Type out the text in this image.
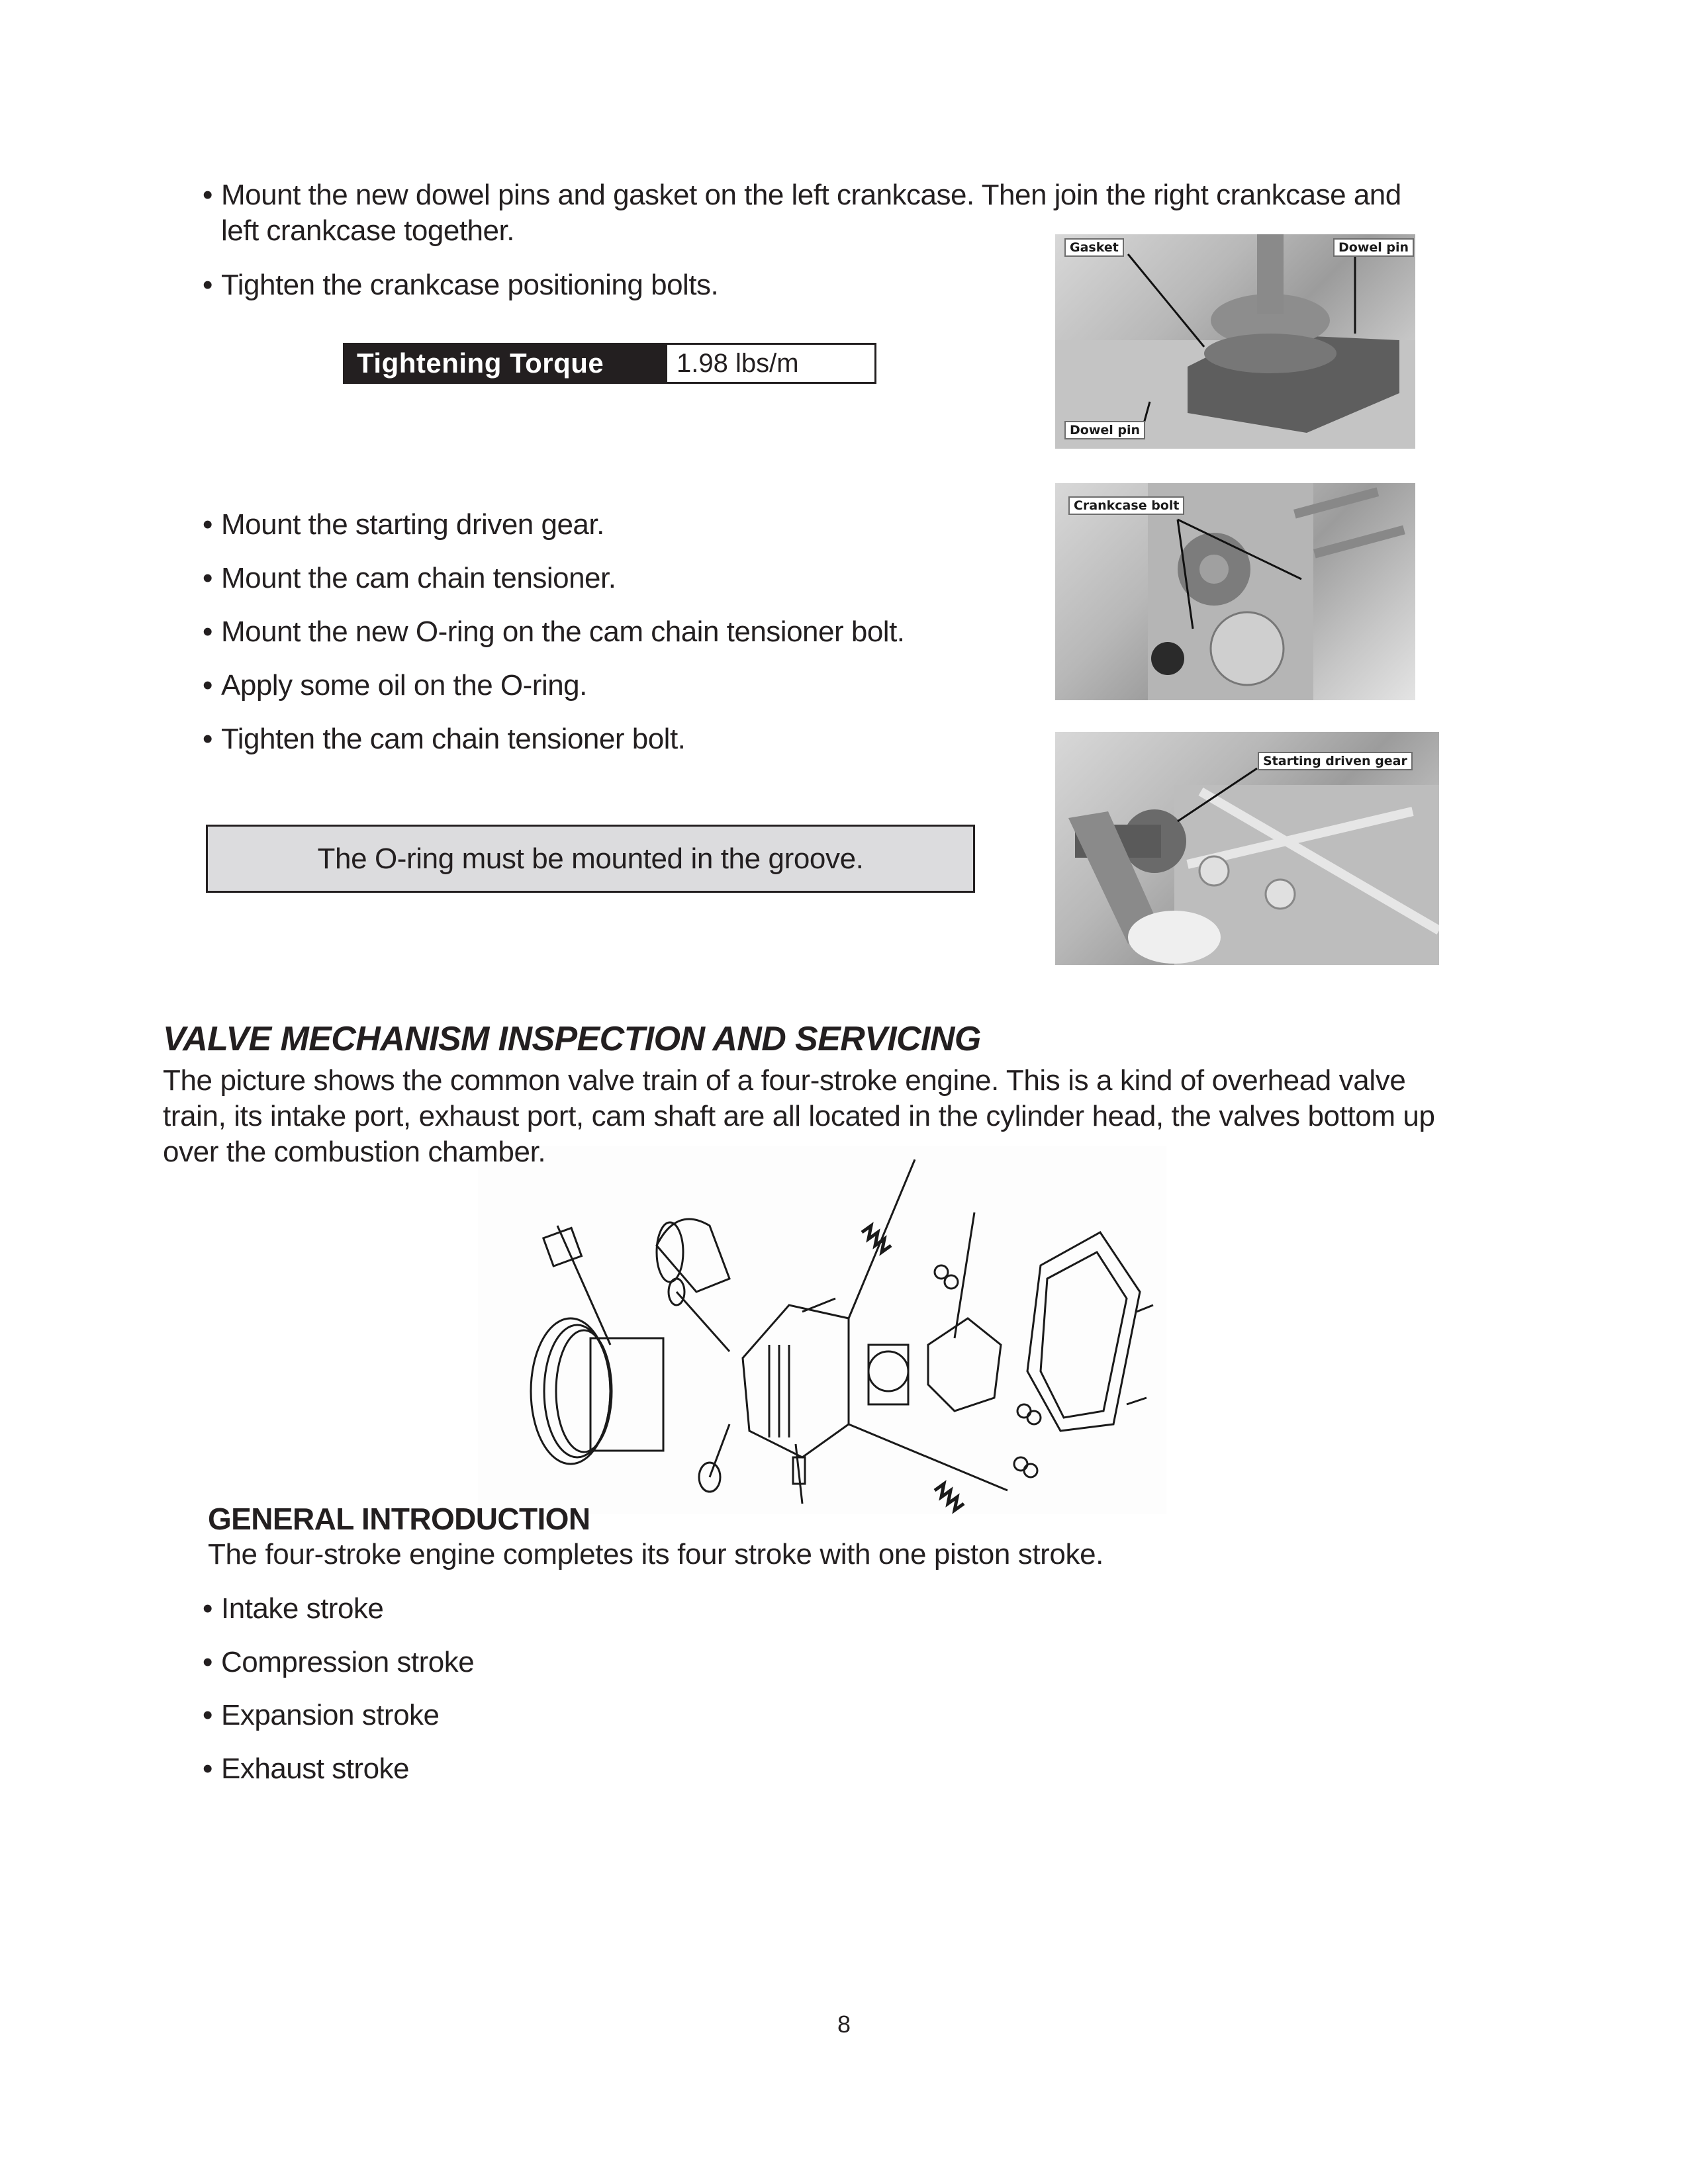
• Mount the new dowel pins and gasket on the left crankcase. Then join the right crankcase and
left crankcase together.
• Tighten the crankcase positioning bolts.
Tightening Torque	1.98 lbs/m
• Mount the starting driven gear.
• Mount the cam chain tensioner.
• Mount the new O-ring on the cam chain tensioner bolt.
• Apply some oil on the O-ring.
• Tighten the cam chain tensioner bolt.
The O-ring must be mounted in the groove.
Gasket	Dowel pin
Dowel pin
Crankcase bolt
Starting driven gear
VALVE MECHANISM INSPECTION AND SERVICING
The picture shows the common valve train of a four-stroke engine. This is a kind of overhead valve
train, its intake port, exhaust port, cam shaft are all located in the cylinder head, the valves bottom up
over the combustion chamber.
GENERAL INTRODUCTION
The four-stroke engine completes its four stroke with one piston stroke.
• Intake stroke
• Compression stroke
• Expansion stroke
• Exhaust stroke
8
